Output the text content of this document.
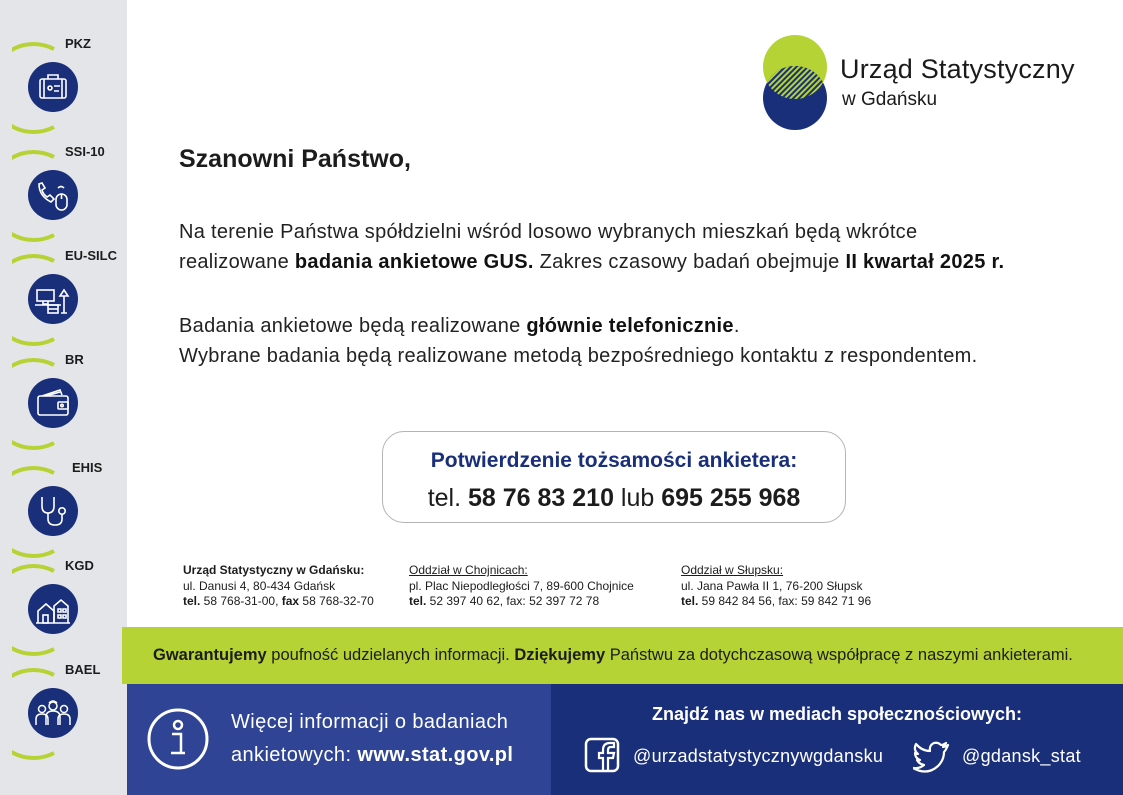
PKZ
SSI-10
EU-SILC
BR
EHIS
KGD
BAEL
Urząd Statystyczny
w Gdańsku
Szanowni Państwo,
Na terenie Państwa spółdzielni wśród losowo wybranych mieszkań będą wkrótce
realizowane badania ankietowe GUS. Zakres czasowy badań obejmuje II kwartał 2025 r.
Badania ankietowe będą realizowane głównie telefonicznie.
Wybrane badania będą realizowane metodą bezpośredniego kontaktu z respondentem.
Potwierdzenie tożsamości ankietera:
tel. 58 76 83 210 lub 695 255 968
Urząd Statystyczny w Gdańsku:
ul. Danusi 4, 80-434 Gdańsk
tel. 58 768-31-00, fax 58 768-32-70
Oddział w Chojnicach:
pl. Plac Niepodległości 7, 89-600 Chojnice
tel. 52 397 40 62, fax: 52 397 72 78
Oddział w Słupsku:
ul. Jana Pawła II 1, 76-200 Słupsk
tel. 59 842 84 56, fax: 59 842 71 96
Gwarantujemy poufność udzielanych informacji. Dziękujemy Państwu za dotychczasową współpracę z naszymi ankieterami.
Więcej informacji o badaniach
ankietowych: www.stat.gov.pl
Znajdź nas w mediach społecznościowych:
@urzadstatystycznywgdansku	@gdansk_stat
